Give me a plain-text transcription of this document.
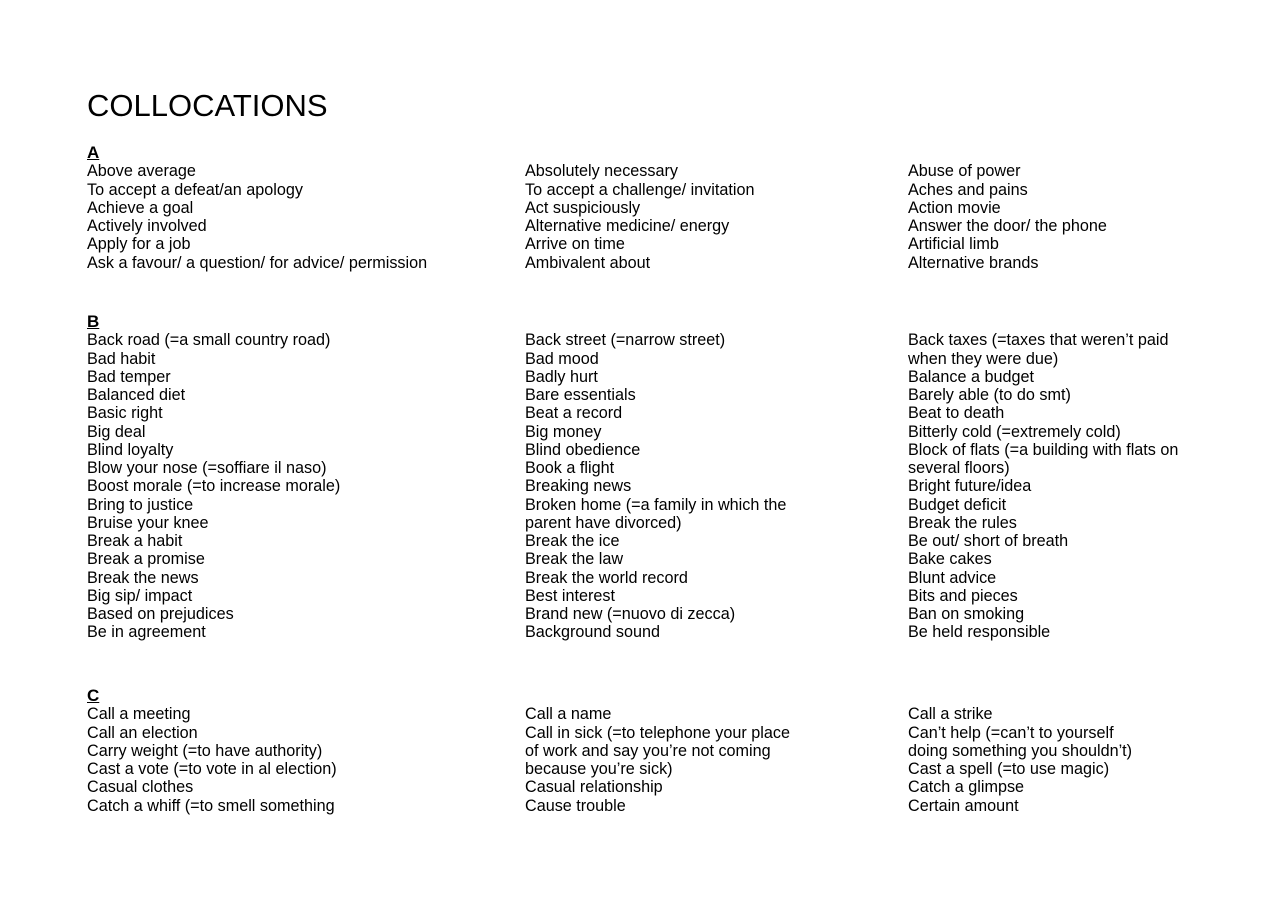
COLLOCATIONS
A
Above average
To accept a defeat/an apology
Achieve a goal
Actively involved
Apply for a job
Ask a favour/ a question/ for advice/ permission
Absolutely necessary
To accept a challenge/ invitation
Act suspiciously
Alternative medicine/ energy
Arrive on time
Ambivalent about
Abuse of power
Aches and pains
Action movie
Answer the door/ the phone
Artificial limb
Alternative brands
B
Back road (=a small country road)
Bad habit
Bad temper
Balanced diet
Basic right
Big deal
Blind loyalty
Blow your nose (=soffiare il naso)
Boost morale (=to increase morale)
Bring to justice
Bruise your knee
Break a habit
Break a promise
Break the news
Big sip/ impact
Based on prejudices
Be in agreement
Back street (=narrow street)
Bad mood
Badly hurt
Bare essentials
Beat a record
Big money
Blind obedience
Book a flight
Breaking news
Broken home (=a family in which the
parent have divorced)
Break the ice
Break the law
Break the world record
Best interest
Brand new (=nuovo di zecca)
Background sound
Back taxes (=taxes that weren’t paid
when they were due)
Balance a budget
Barely able (to do smt)
Beat to death
Bitterly cold (=extremely cold)
Block of flats (=a building with flats on
several floors)
Bright future/idea
Budget deficit
Break the rules
Be out/ short of breath
Bake cakes
Blunt advice
Bits and pieces
Ban on smoking
Be held responsible
C
Call a meeting
Call an election
Carry weight (=to have authority)
Cast a vote (=to vote in al election)
Casual clothes
Catch a whiff (=to smell something
Call a name
Call in sick (=to telephone your place
of work and say you’re not coming
because you’re sick)
Casual relationship
Cause trouble
Call a strike
Can’t help (=can’t to yourself
doing something you shouldn’t)
Cast a spell (=to use magic)
Catch a glimpse
Certain amount
